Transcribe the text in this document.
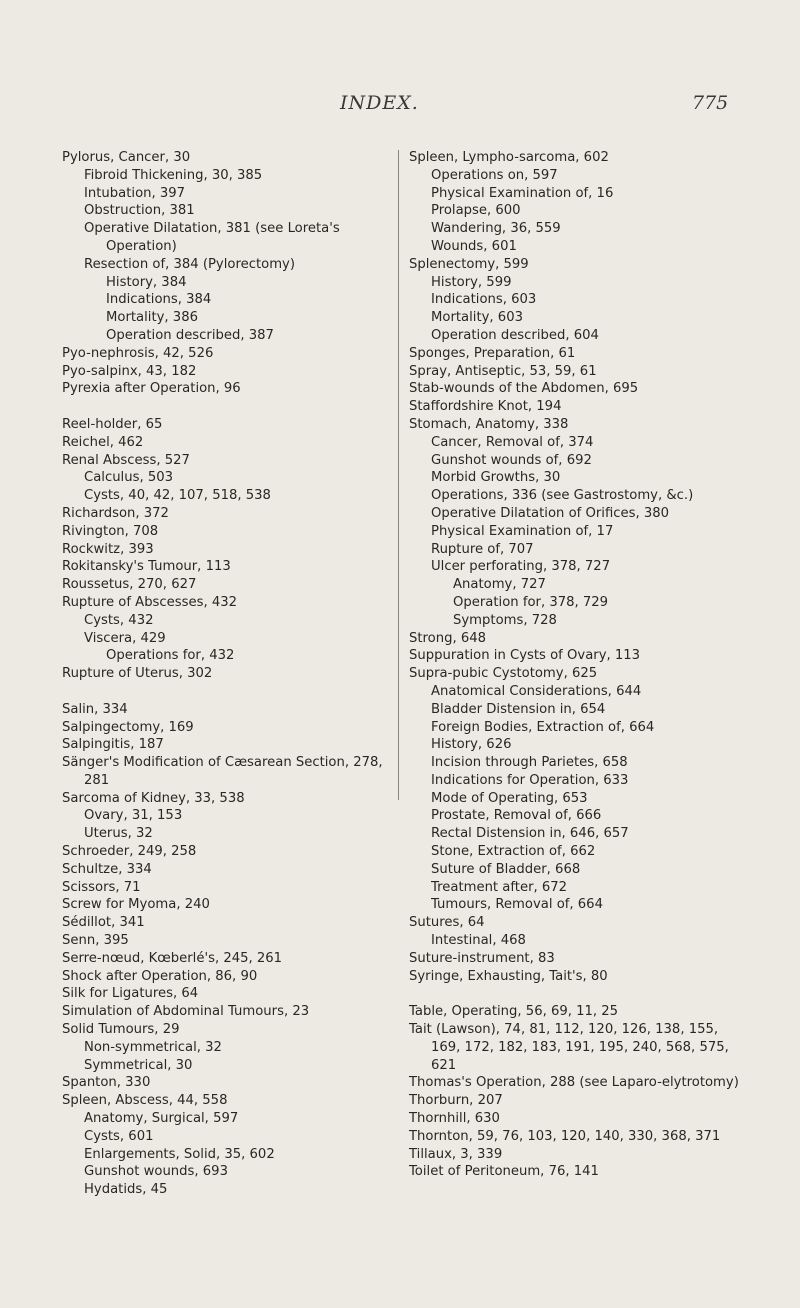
INDEX.	775
Pylorus, Cancer, 30
Fibroid Thickening, 30, 385
Intubation, 397
Obstruction, 381
Operative Dilatation, 381 (see Loreta's Operation)
Resection of, 384 (Pylorectomy)
History, 384
Indications, 384
Mortality, 386
Operation described, 387
Pyo-nephrosis, 42, 526
Pyo-salpinx, 43, 182
Pyrexia after Operation, 96
Reel-holder, 65
Reichel, 462
Renal Abscess, 527
Calculus, 503
Cysts, 40, 42, 107, 518, 538
Richardson, 372
Rivington, 708
Rockwitz, 393
Rokitansky's Tumour, 113
Roussetus, 270, 627
Rupture of Abscesses, 432
Cysts, 432
Viscera, 429
Operations for, 432
Rupture of Uterus, 302
Salin, 334
Salpingectomy, 169
Salpingitis, 187
Sänger's Modification of Cæsarean Section, 278, 281
Sarcoma of Kidney, 33, 538
Ovary, 31, 153
Uterus, 32
Schroeder, 249, 258
Schultze, 334
Scissors, 71
Screw for Myoma, 240
Sédillot, 341
Senn, 395
Serre-nœud, Kœberlé's, 245, 261
Shock after Operation, 86, 90
Silk for Ligatures, 64
Simulation of Abdominal Tumours, 23
Solid Tumours, 29
Non-symmetrical, 32
Symmetrical, 30
Spanton, 330
Spleen, Abscess, 44, 558
Anatomy, Surgical, 597
Cysts, 601
Enlargements, Solid, 35, 602
Gunshot wounds, 693
Hydatids, 45
Spleen, Lympho-sarcoma, 602
Operations on, 597
Physical Examination of, 16
Prolapse, 600
Wandering, 36, 559
Wounds, 601
Splenectomy, 599
History, 599
Indications, 603
Mortality, 603
Operation described, 604
Sponges, Preparation, 61
Spray, Antiseptic, 53, 59, 61
Stab-wounds of the Abdomen, 695
Staffordshire Knot, 194
Stomach, Anatomy, 338
Cancer, Removal of, 374
Gunshot wounds of, 692
Morbid Growths, 30
Operations, 336 (see Gastrostomy, &c.)
Operative Dilatation of Orifices, 380
Physical Examination of, 17
Rupture of, 707
Ulcer perforating, 378, 727
Anatomy, 727
Operation for, 378, 729
Symptoms, 728
Strong, 648
Suppuration in Cysts of Ovary, 113
Supra-pubic Cystotomy, 625
Anatomical Considerations, 644
Bladder Distension in, 654
Foreign Bodies, Extraction of, 664
History, 626
Incision through Parietes, 658
Indications for Operation, 633
Mode of Operating, 653
Prostate, Removal of, 666
Rectal Distension in, 646, 657
Stone, Extraction of, 662
Suture of Bladder, 668
Treatment after, 672
Tumours, Removal of, 664
Sutures, 64
Intestinal, 468
Suture-instrument, 83
Syringe, Exhausting, Tait's, 80
Table, Operating, 56, 69, 11, 25
Tait (Lawson), 74, 81, 112, 120, 126, 138, 155, 169, 172, 182, 183, 191, 195, 240, 568, 575, 621
Thomas's Operation, 288 (see Laparo-elytrotomy)
Thorburn, 207
Thornhill, 630
Thornton, 59, 76, 103, 120, 140, 330, 368, 371
Tillaux, 3, 339
Toilet of Peritoneum, 76, 141
